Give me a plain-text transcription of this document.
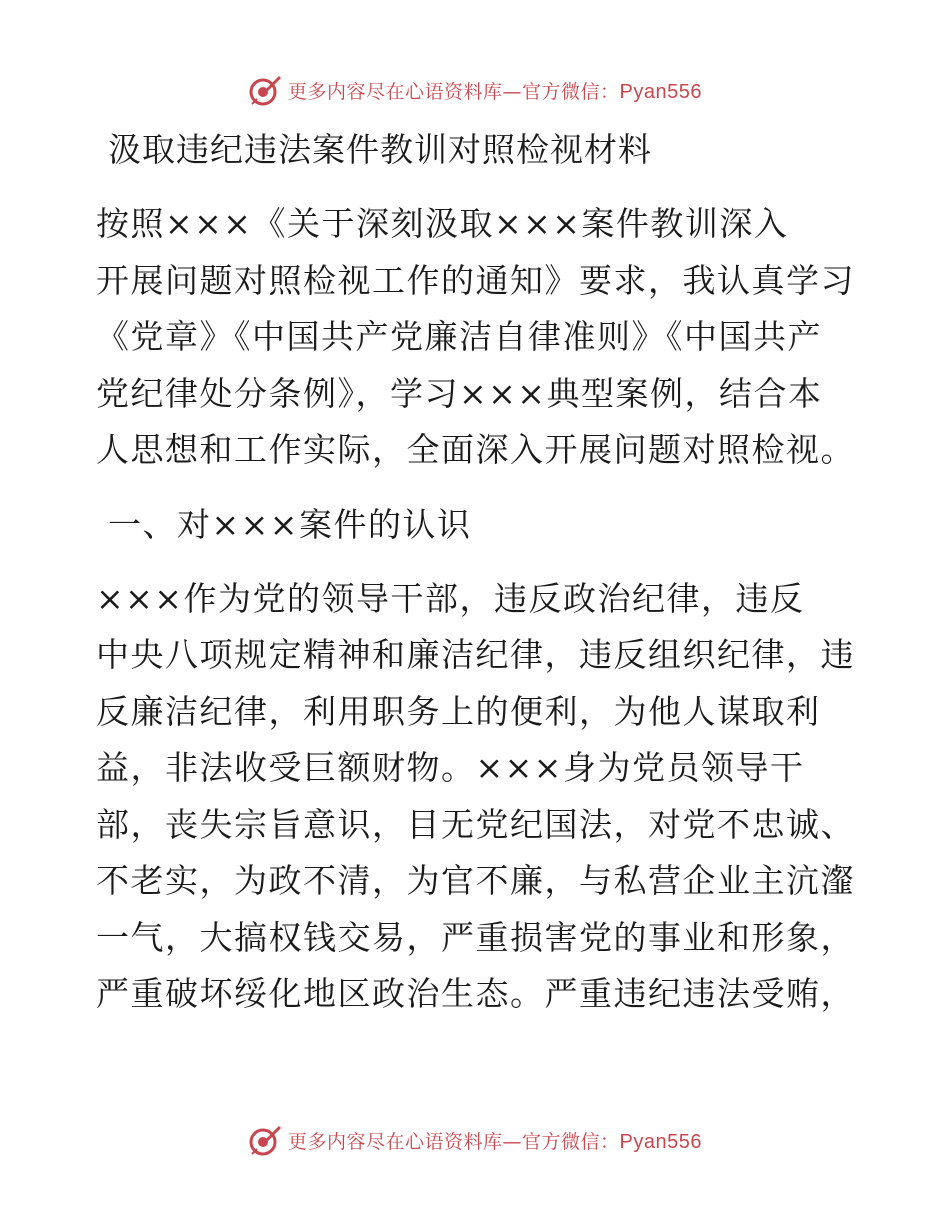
更多内容尽在心语资料库—官方微信：Pyan556
汲取违纪违法案件教训对照检视材料
按照×××《关于深刻汲取×××案件教训深入
开展问题对照检视工作的通知》要求，我认真学习
《党章》《中国共产党廉洁自律准则》《中国共产
党纪律处分条例》，学习×××典型案例，结合本
人思想和工作实际，全面深入开展问题对照检视。
一、对×××案件的认识
×××作为党的领导干部，违反政治纪律，违反
中央八项规定精神和廉洁纪律，违反组织纪律，违
反廉洁纪律，利用职务上的便利，为他人谋取利
益，非法收受巨额财物。×××身为党员领导干
部，丧失宗旨意识，目无党纪国法，对党不忠诚、
不老实，为政不清，为官不廉，与私营企业主沆瀣
一气，大搞权钱交易，严重损害党的事业和形象，
严重破坏绥化地区政治生态。严重违纪违法受贿，
更多内容尽在心语资料库—官方微信：Pyan556
